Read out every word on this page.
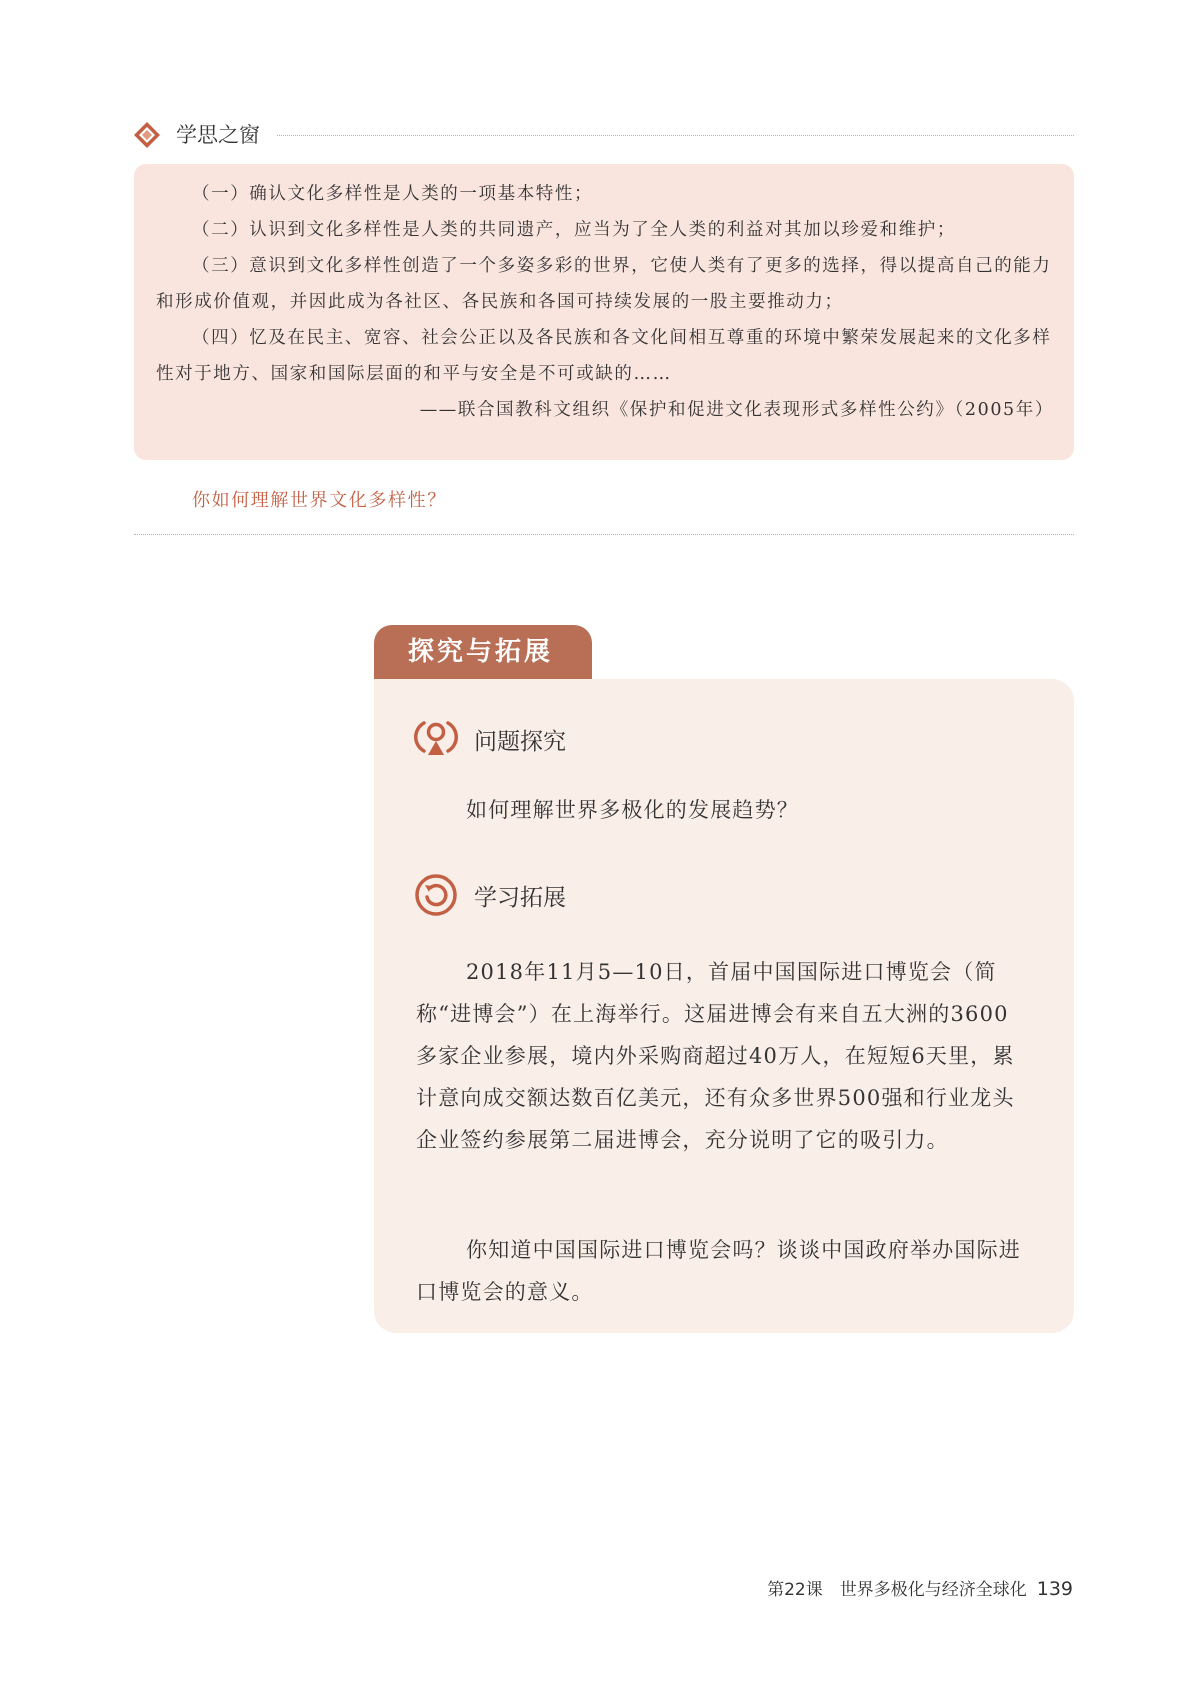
学思之窗

（一）确认文化多样性是人类的一项基本特性；

（二）认识到文化多样性是人类的共同遗产，应当为了全人类的利益对其加以珍爱和维护；

（三）意识到文化多样性创造了一个多姿多彩的世界，它使人类有了更多的选择，得以提高自己的能力和形成价值观，并因此成为各社区、各民族和各国可持续发展的一股主要推动力；

（四）忆及在民主、宽容、社会公正以及各民族和各文化间相互尊重的环境中繁荣发展起来的文化多样性对于地方、国家和国际层面的和平与安全是不可或缺的……

——联合国教科文组织《保护和促进文化表现形式多样性公约》（2005年）

你如何理解世界文化多样性？
探究与拓展
问题探究

如何理解世界多极化的发展趋势？

学习拓展

2018年11月5—10日，首届中国国际进口博览会（简称“进博会”）在上海举行。这届进博会有来自五大洲的3600多家企业参展，境内外采购商超过40万人，在短短6天里，累计意向成交额达数百亿美元，还有众多世界500强和行业龙头企业签约参展第二届进博会，充分说明了它的吸引力。

你知道中国国际进口博览会吗？谈谈中国政府举办国际进口博览会的意义。

第22课　世界多极化与经济全球化 139
